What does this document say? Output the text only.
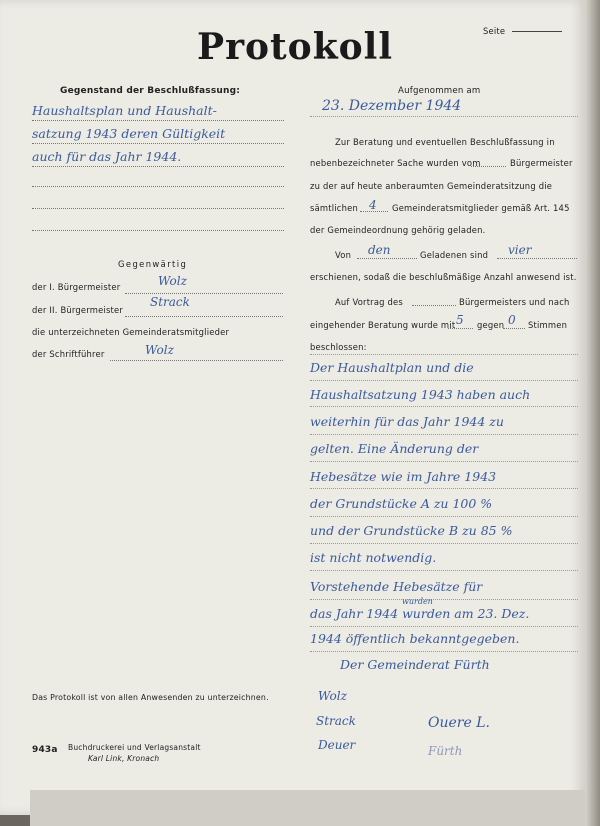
Seite
Protokoll
Gegenstand der Beschlußfassung:
Haushaltsplan und Haushalt-
satzung 1943 deren Gültigkeit
auch für das Jahr 1944.
Gegenwärtig
der I. Bürgermeister	Wolz
der II. Bürgermeister
Strack
die unterzeichneten Gemeinderatsmitglieder
der Schriftführer	Wolz
Das Protokoll ist von allen Anwesenden zu unterzeichnen.
943a Buchdruckerei und Verlagsanstalt
Karl Link, Kronach
Aufgenommen am
23. Dezember 1944
Zur Beratung und eventuellen Beschlußfassung in
nebenbezeichneter Sache wurden vom	Bürgermeister
zu der auf heute anberaumten Gemeinderatsitzung die
sämtlichen 4 Gemeinderatsmitglieder gemäß Art. 145
der Gemeindeordnung gehörig geladen.
Von den	Geladenen sind vier
erschienen, sodaß die beschlußmäßige Anzahl anwesend ist.
Auf Vortrag des	Bürgermeisters und nach
eingehender Beratung wurde mit 5 gegen 0 Stimmen
beschlossen:
Der Haushaltplan und die
Haushaltsatzung 1943 haben auch
weiterhin für das Jahr 1944 zu
gelten. Eine Änderung der
Hebesätze wie im Jahre 1943
der Grundstücke A zu 100 %
und der Grundstücke B zu 85 %
ist nicht notwendig.
Vorstehende Hebesätze für
wurden
das Jahr 1944 wurden am 23. Dez.
1944 öffentlich bekanntgegeben.
Der Gemeinderat Fürth
Wolz
Strack
Deuer
Ouere L.
Fürth
